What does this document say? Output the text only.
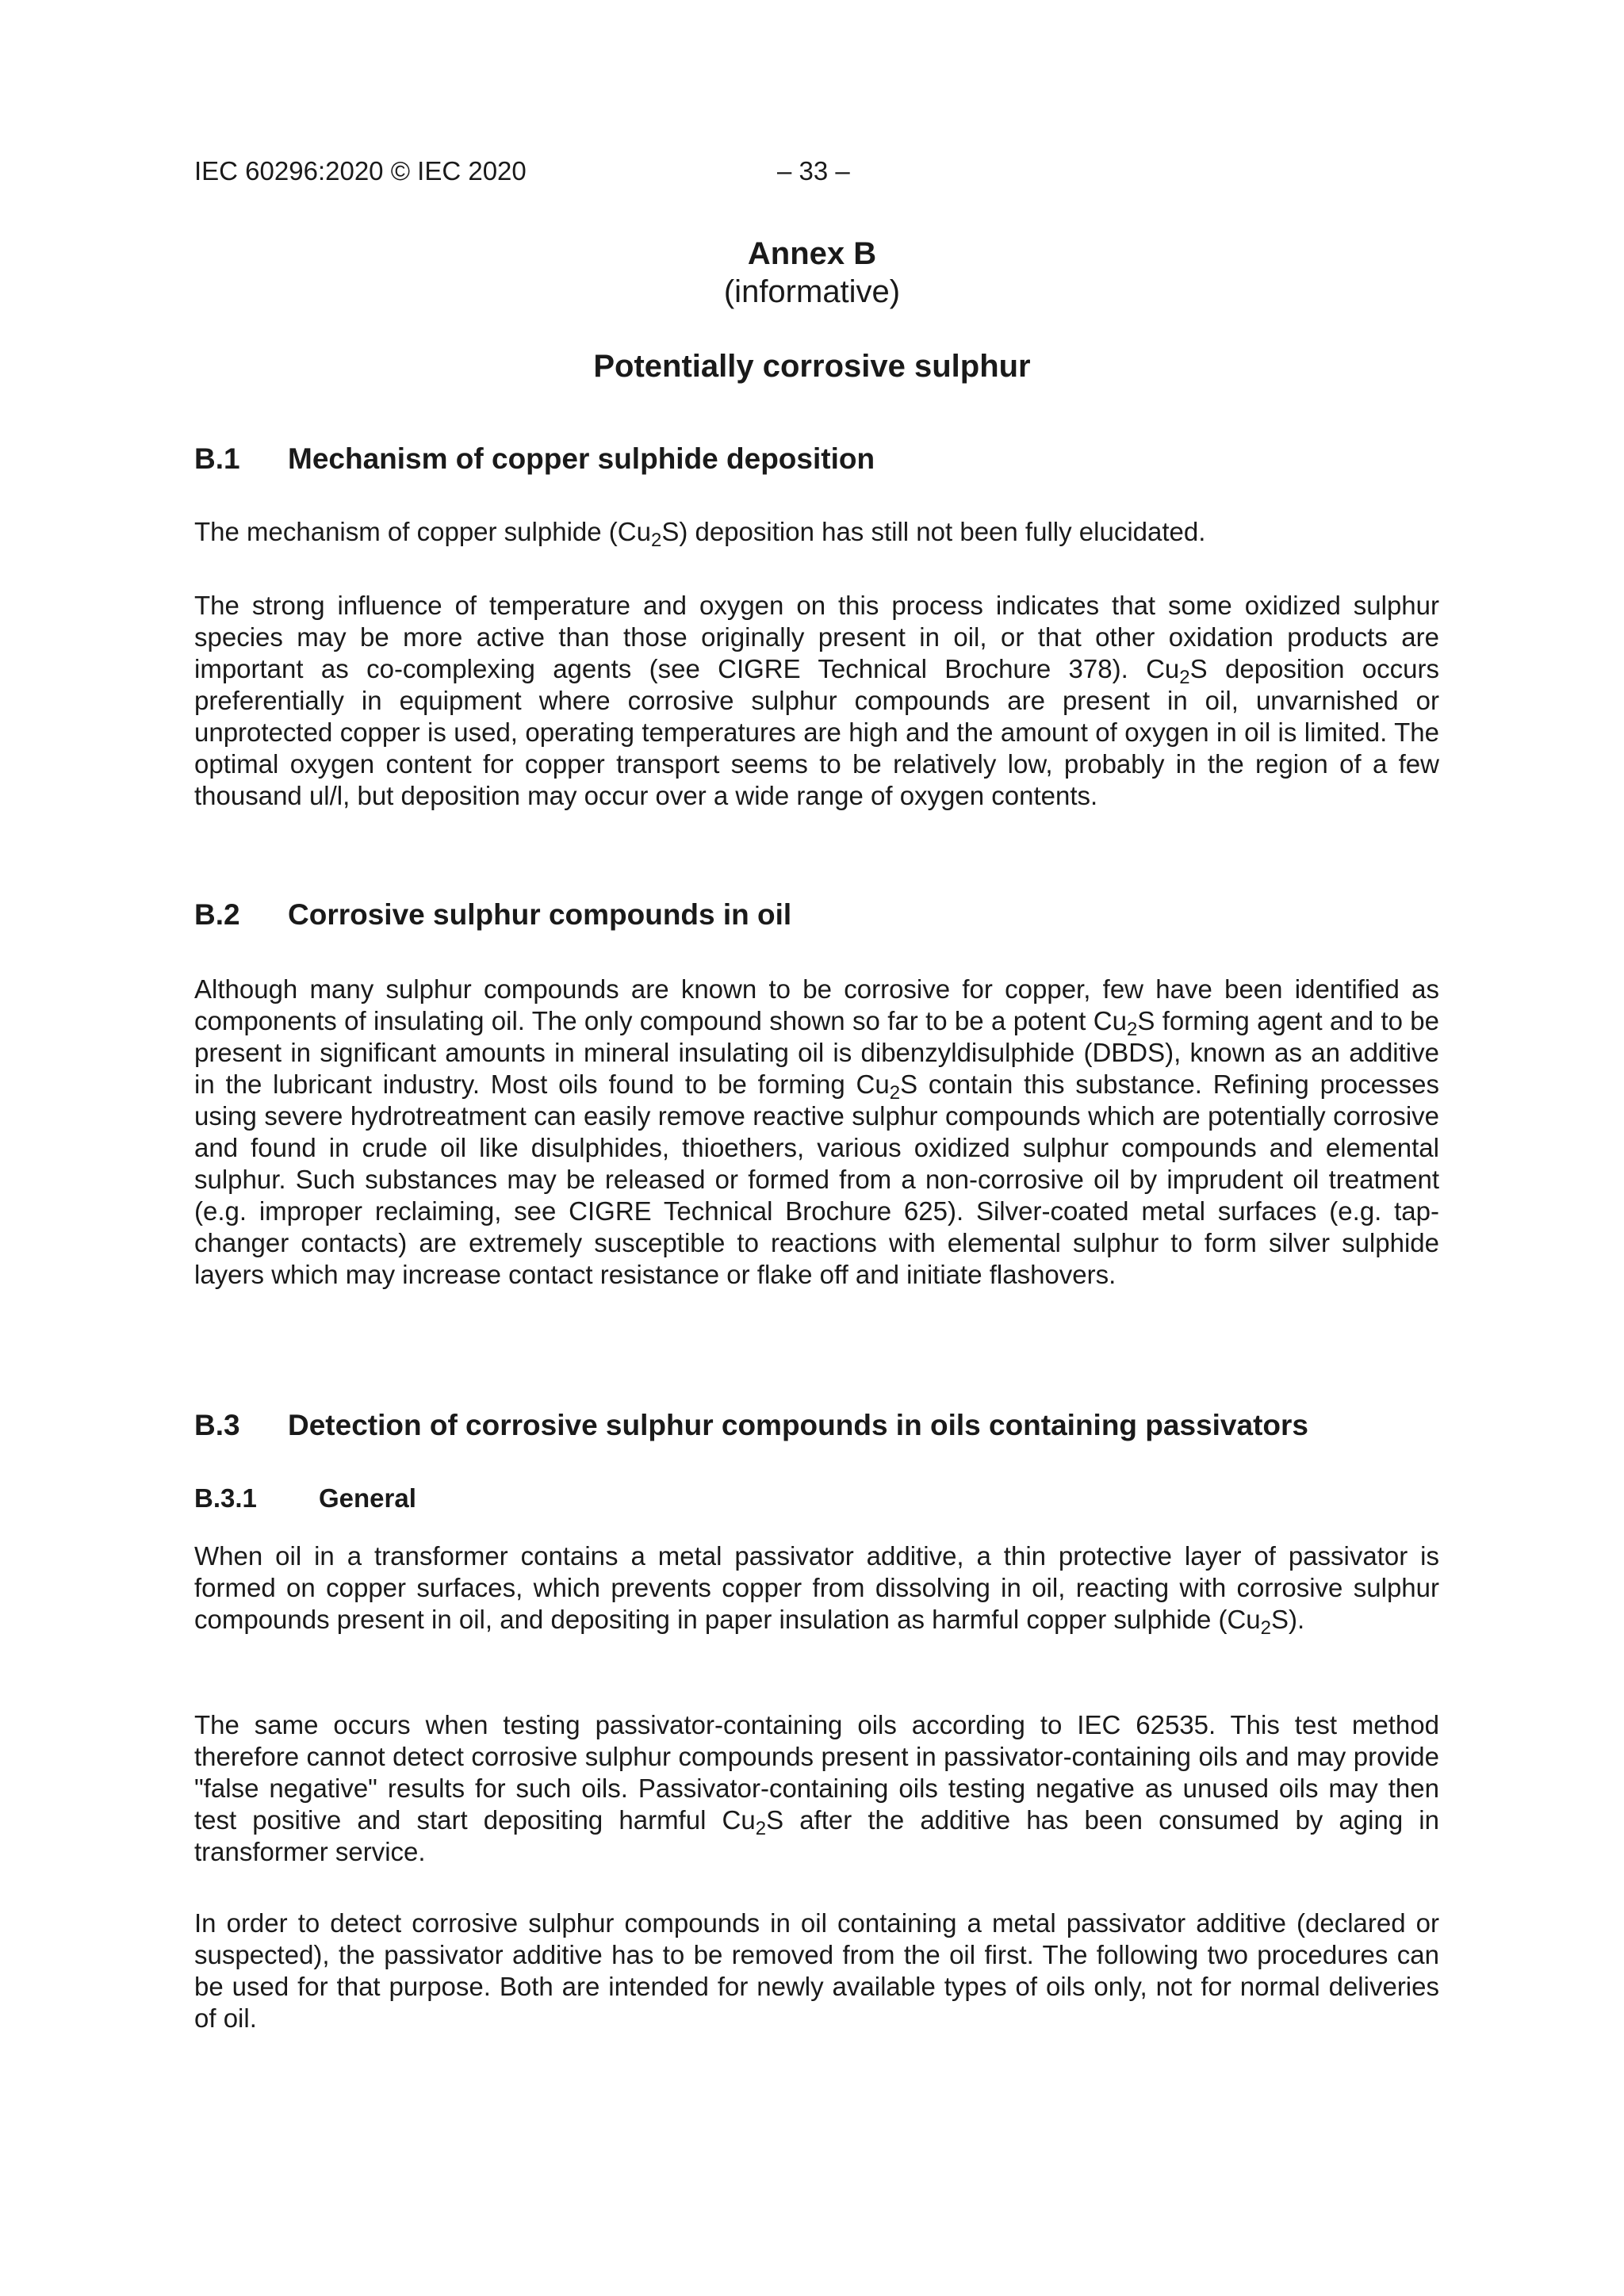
IEC 60296:2020 © IEC 2020	– 33 –
Annex B
(informative)
Potentially corrosive sulphur
B.1 Mechanism of copper sulphide deposition
The mechanism of copper sulphide $(Cu_2S)$ deposition has still not been fully elucidated.
The strong influence of temperature and oxygen on this process indicates that some oxidized sulphur species may be more active than those originally present in oil, or that other oxidation products are important as co-complexing agents (see CIGRE Technical Brochure 378). $Cu_2S$ deposition occurs preferentially in equipment where corrosive sulphur compounds are present in oil, unvarnished or unprotected copper is used, operating temperatures are high and the amount of oxygen in oil is limited. The optimal oxygen content for copper transport seems to be relatively low, probably in the region of a few thousand ul/l, but deposition may occur over a wide range of oxygen contents.
B.2 Corrosive sulphur compounds in oil
Although many sulphur compounds are known to be corrosive for copper, few have been identified as components of insulating oil. The only compound shown so far to be a potent $Cu_2S$ forming agent and to be present in significant amounts in mineral insulating oil is dibenzyldisulphide (DBDS), known as an additive in the lubricant industry. Most oils found to be forming $Cu_2S$ contain this substance. Refining processes using severe hydrotreatment can easily remove reactive sulphur compounds which are potentially corrosive and found in crude oil like disulphides, thioethers, various oxidized sulphur compounds and elemental sulphur. Such substances may be released or formed from a non-corrosive oil by imprudent oil treatment (e.g. improper reclaiming, see CIGRE Technical Brochure 625). Silver-coated metal surfaces (e.g. tap-changer contacts) are extremely susceptible to reactions with elemental sulphur to form silver sulphide layers which may increase contact resistance or flake off and initiate flashovers.
B.3 Detection of corrosive sulphur compounds in oils containing passivators
B.3.1 General
When oil in a transformer contains a metal passivator additive, a thin protective layer of passivator is formed on copper surfaces, which prevents copper from dissolving in oil, reacting with corrosive sulphur compounds present in oil, and depositing in paper insulation as harmful copper sulphide $(Cu_2S)$.
The same occurs when testing passivator-containing oils according to IEC 62535. This test method therefore cannot detect corrosive sulphur compounds present in passivator-containing oils and may provide "false negative" results for such oils. Passivator-containing oils testing negative as unused oils may then test positive and start depositing harmful $Cu_2S$ after the additive has been consumed by aging in transformer service.
In order to detect corrosive sulphur compounds in oil containing a metal passivator additive (declared or suspected), the passivator additive has to be removed from the oil first. The following two procedures can be used for that purpose. Both are intended for newly available types of oils only, not for normal deliveries of oil.
